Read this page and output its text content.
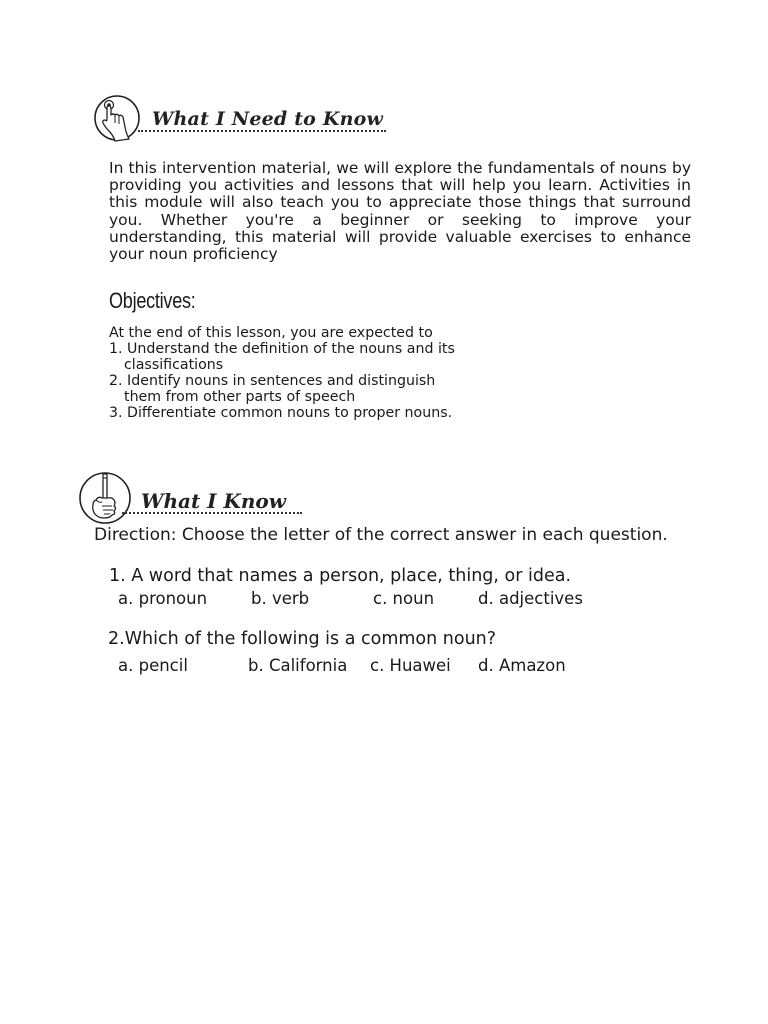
What I Need to Know
In this intervention material, we will explore the fundamentals of nouns by providing you activities and lessons that will help you learn. Activities in this module will also teach you to appreciate those things that surround you. Whether you're a beginner or seeking to improve your understanding, this material will provide valuable exercises to enhance your noun proficiency
Objectives:
At the end of this lesson, you are expected to
1. Understand the definition of the nouns and its
classifications
2. Identify nouns in sentences and distinguish
them from other parts of speech
3. Differentiate common nouns to proper nouns.
What I Know
Direction: Choose the letter of the correct answer in each question.
1. A word that names a person, place, thing, or idea.
a. pronoun	b. verb	c. noun	d. adjectives
2.Which of the following is a common noun?
a. pencil	b. California c. Huawei d. Amazon
